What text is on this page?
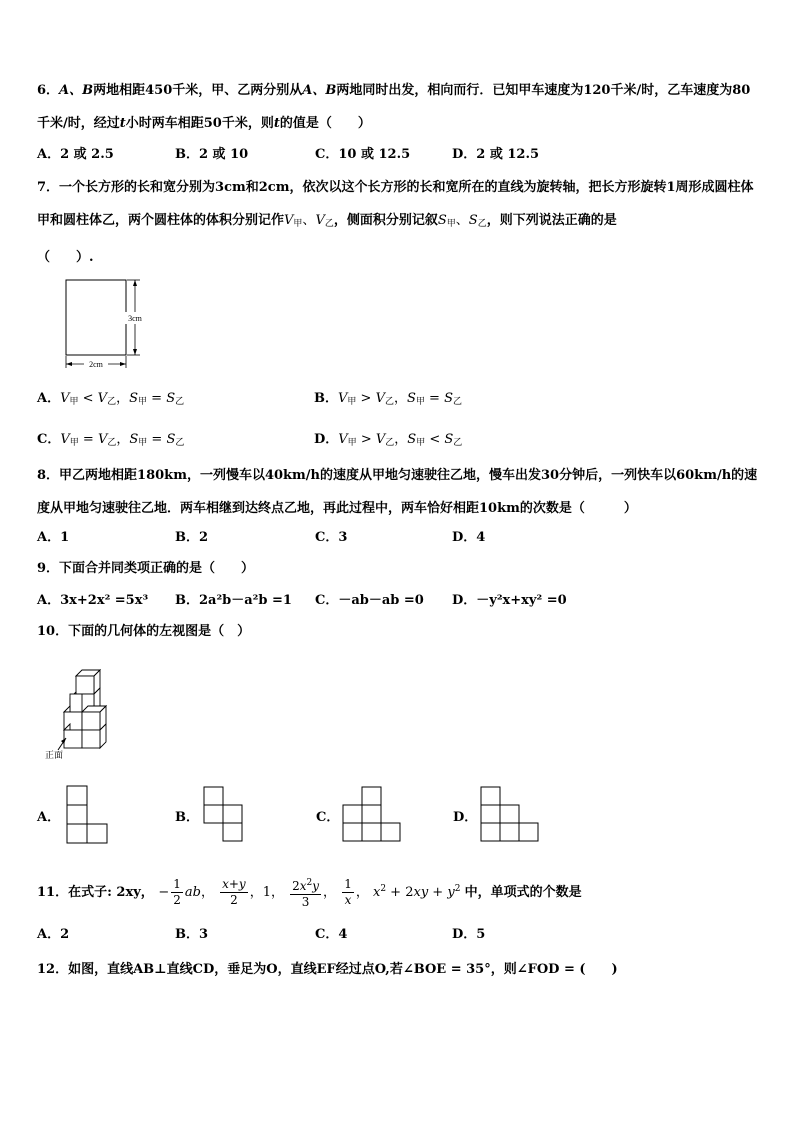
6．A、B两地相距450千米，甲、乙两分别从A、B两地同时出发，相向而行．已知甲车速度为120千米/时，乙车速度为80千米/时，经过t小时两车相距50千米，则t的值是（　　）
A．2 或 2.5	B．2 或 10	C．10 或 12.5	D．2 或 12.5
7．一个长方形的长和宽分别为3cm和2cm，依次以这个长方形的长和宽所在的直线为旋转轴，把长方形旋转1周形成圆柱体甲和圆柱体乙，两个圆柱体的体积分别记作$V_甲$、$V_乙$，侧面积分别记叙$S_甲$、$S_乙$，则下列说法正确的是
（　　）.
2cm
3cm
A．$V_甲 < V_乙$，$S_甲 = S_乙$	B．$V_甲 > V_乙$，$S_甲 = S_乙$
C．$V_甲 = V_乙$，$S_甲 = S_乙$	D．$V_甲 > V_乙$，$S_甲 < S_乙$
8．甲乙两地相距180km，一列慢车以40km/h的速度从甲地匀速驶往乙地，慢车出发30分钟后，一列快车以60km/h的速度从甲地匀速驶往乙地．两车相继到达终点乙地，再此过程中，两车恰好相距10km的次数是（　　　）
A．1	B．2	C．3	D．4
9．下面合并同类项正确的是（　　）
A．3x+2x² =5x³ B．2a²b－a²b =1 C．－ab－ab =0 D．－y²x+xy² =0
10．下面的几何体的左视图是（　）
正面
A．	B．	C．	D．
11．在式子: 2xy， − $\frac{1}{2}$ ab， $\frac{x+y}{2}$ ，1， $\frac{2x^2y}{3}$ ， $\frac{1}{x}$ ， $x^2 + 2xy + y^2$ 中，单项式的个数是
A．2	B．3	C．4	D．5
12．如图，直线AB⊥直线CD，垂足为O，直线EF经过点O,若∠BOE = 35°，则∠FOD = (　　)
